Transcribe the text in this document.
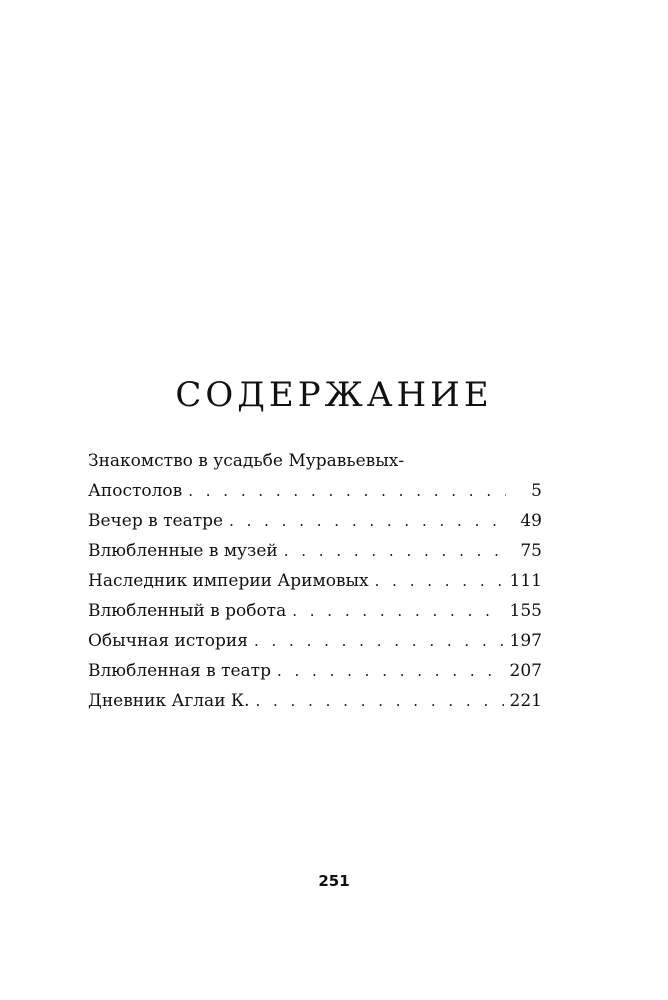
СОДЕРЖАНИЕ
Знакомство в усадьбе Муравьевых-
Апостолов . . .	5
Вечер в театре . . .	49
Влюбленные в музей . . .	75
Наследник империи Аримовых . . .	111
Влюбленный в робота . . .	155
Обычная история . . .	197
Влюбленная в театр . . .	207
Дневник Аглаи К. . . .	221
251
